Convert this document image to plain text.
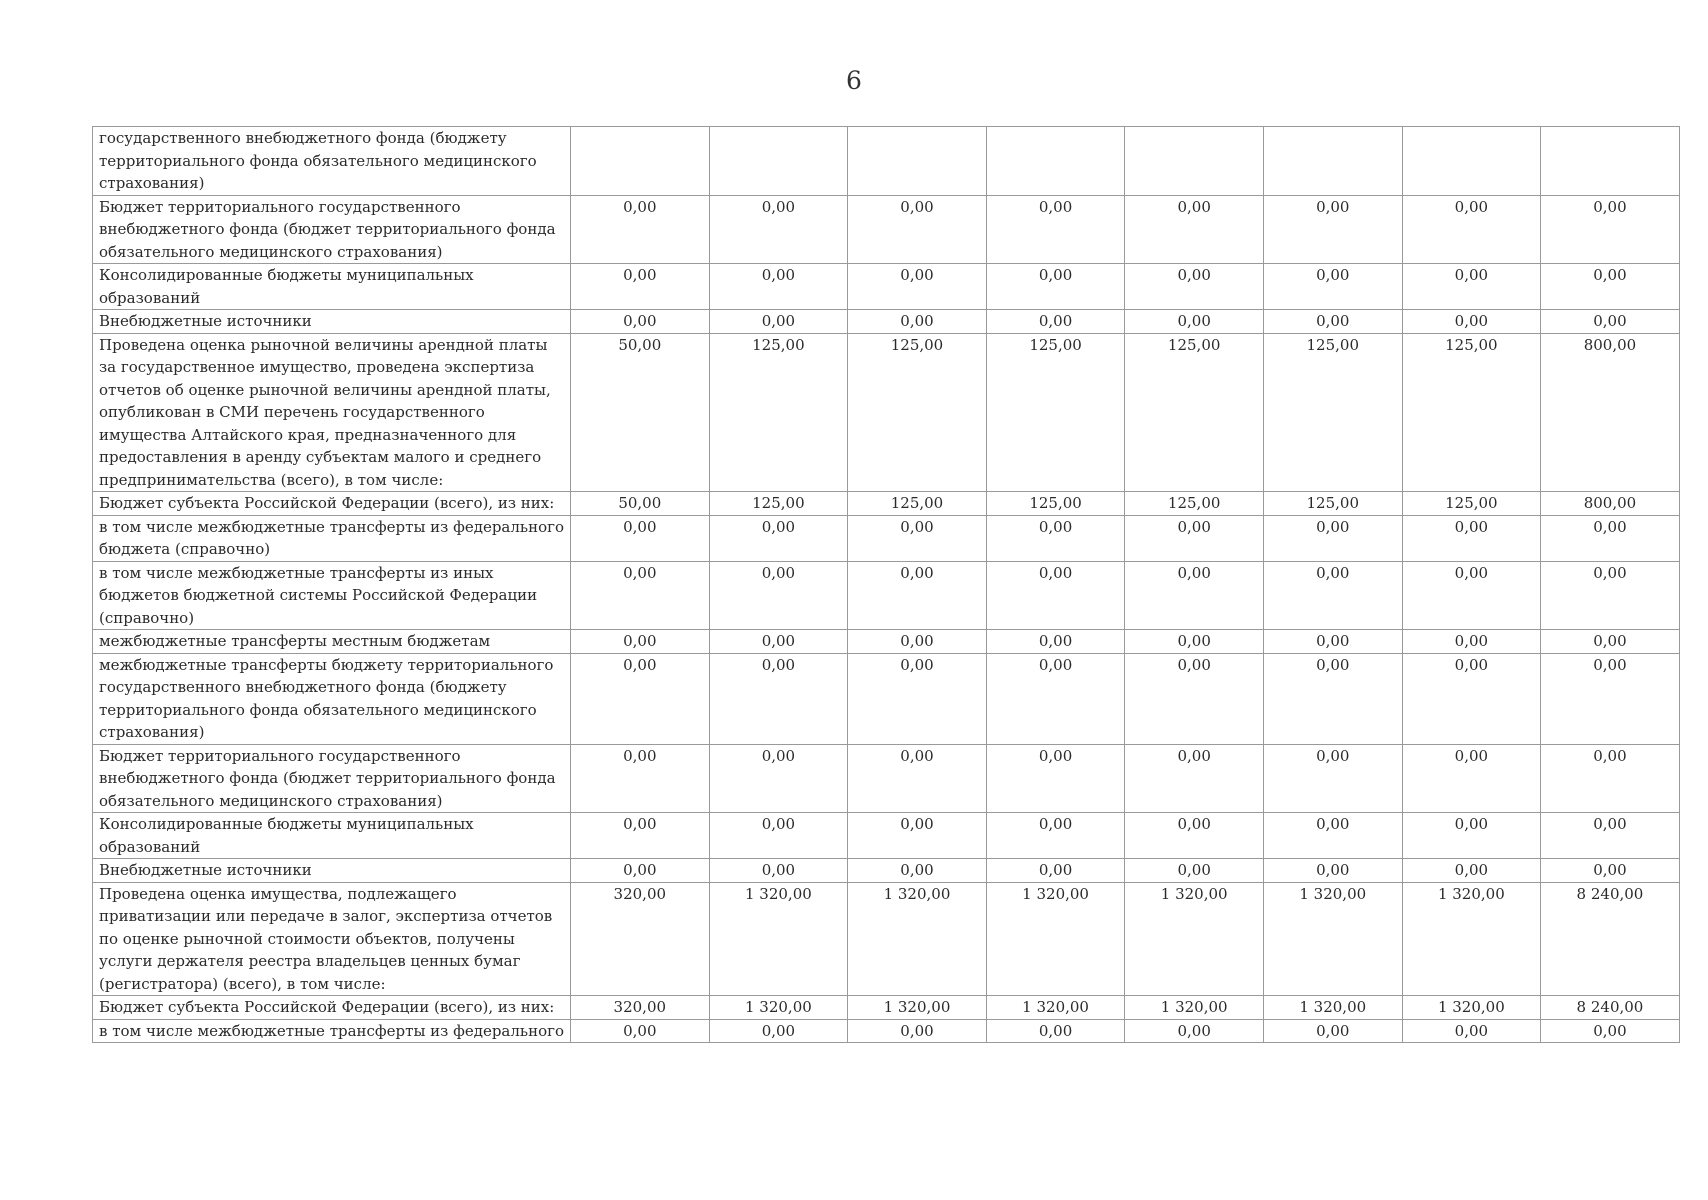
6
государственного внебюджетного фонда (бюджету территориального фонда обязательного медицинского страхования)								
Бюджет территориального государственного внебюджетного фонда (бюджет территориального фонда обязательного медицинского страхования)	0,00	0,00	0,00	0,00	0,00	0,00	0,00	0,00
Консолидированные бюджеты муниципальных образований	0,00	0,00	0,00	0,00	0,00	0,00	0,00	0,00
Внебюджетные источники	0,00	0,00	0,00	0,00	0,00	0,00	0,00	0,00
Проведена оценка рыночной величины арендной платы за государственное имущество, проведена экспертиза отчетов об оценке рыночной величины арендной платы, опубликован в СМИ перечень государственного имущества Алтайского края, предназначенного для предоставления в аренду субъектам малого и среднего предпринимательства (всего), в том числе:	50,00	125,00	125,00	125,00	125,00	125,00	125,00	800,00
Бюджет субъекта Российской Федерации (всего), из них:	50,00	125,00	125,00	125,00	125,00	125,00	125,00	800,00
в том числе межбюджетные трансферты из федерального бюджета (справочно)	0,00	0,00	0,00	0,00	0,00	0,00	0,00	0,00
в том числе межбюджетные трансферты из иных бюджетов бюджетной системы Российской Федерации (справочно)	0,00	0,00	0,00	0,00	0,00	0,00	0,00	0,00
межбюджетные трансферты местным бюджетам	0,00	0,00	0,00	0,00	0,00	0,00	0,00	0,00
межбюджетные трансферты бюджету территориального государственного внебюджетного фонда (бюджету территориального фонда обязательного медицинского страхования)	0,00	0,00	0,00	0,00	0,00	0,00	0,00	0,00
Бюджет территориального государственного внебюджетного фонда (бюджет территориального фонда обязательного медицинского страхования)	0,00	0,00	0,00	0,00	0,00	0,00	0,00	0,00
Консолидированные бюджеты муниципальных образований	0,00	0,00	0,00	0,00	0,00	0,00	0,00	0,00
Внебюджетные источники	0,00	0,00	0,00	0,00	0,00	0,00	0,00	0,00
Проведена оценка имущества, подлежащего приватизации или передаче в залог, экспертиза отчетов по оценке рыночной стоимости объектов, получены услуги держателя реестра владельцев ценных бумаг (регистратора) (всего), в том числе:	320,00	1 320,00	1 320,00	1 320,00	1 320,00	1 320,00	1 320,00	8 240,00
Бюджет субъекта Российской Федерации (всего), из них:	320,00	1 320,00	1 320,00	1 320,00	1 320,00	1 320,00	1 320,00	8 240,00
в том числе межбюджетные трансферты из федерального	0,00	0,00	0,00	0,00	0,00	0,00	0,00	0,00
